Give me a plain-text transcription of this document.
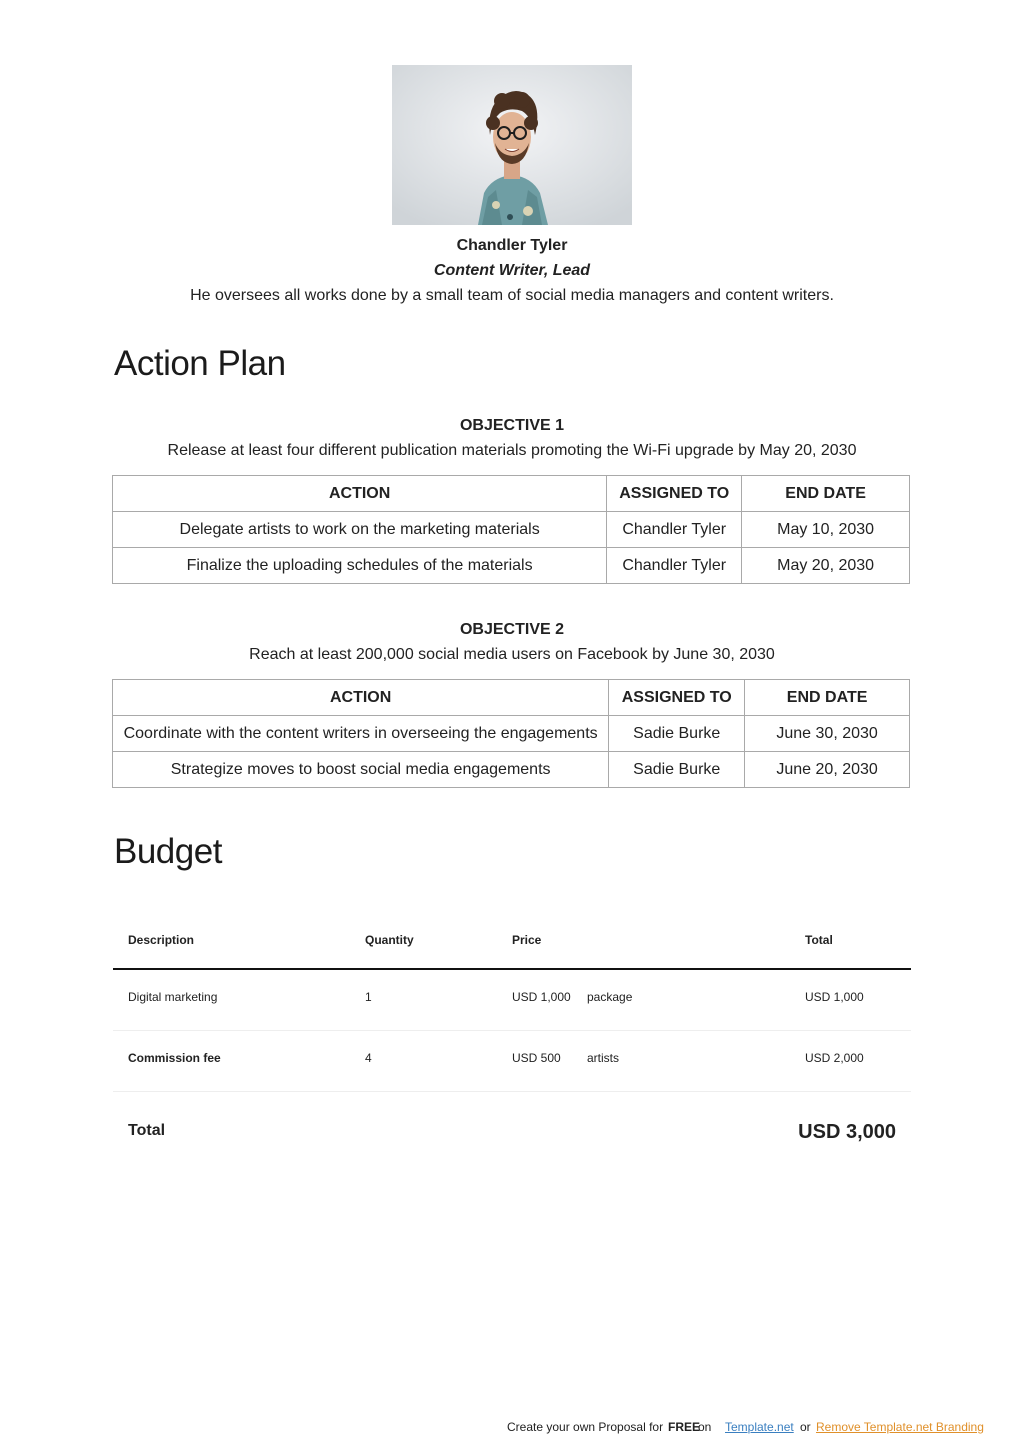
Chandler Tyler
Content Writer, Lead
He oversees all works done by a small team of social media managers and content writers.
Action Plan
OBJECTIVE 1
Release at least four different publication materials promoting the Wi-Fi upgrade by May 20, 2030
ACTION	ASSIGNED TO	END DATE
Delegate artists to work on the marketing materials	Chandler Tyler	May 10, 2030
Finalize the uploading schedules of the materials	Chandler Tyler	May 20, 2030
OBJECTIVE 2
Reach at least 200,000 social media users on Facebook by June 30, 2030
ACTION	ASSIGNED TO	END DATE
Coordinate with the content writers in overseeing the engagements	Sadie Burke	June 30, 2030
Strategize moves to boost social media engagements	Sadie Burke	June 20, 2030
Budget
Description	Quantity	Price	Total
Digital marketing	1	USD 1,000 package	USD 1,000
Commission fee	4	USD 500 artists	USD 2,000
Total	USD 3,000
Create your own Proposal for FREE
on Template.net or Remove Template.net Branding
